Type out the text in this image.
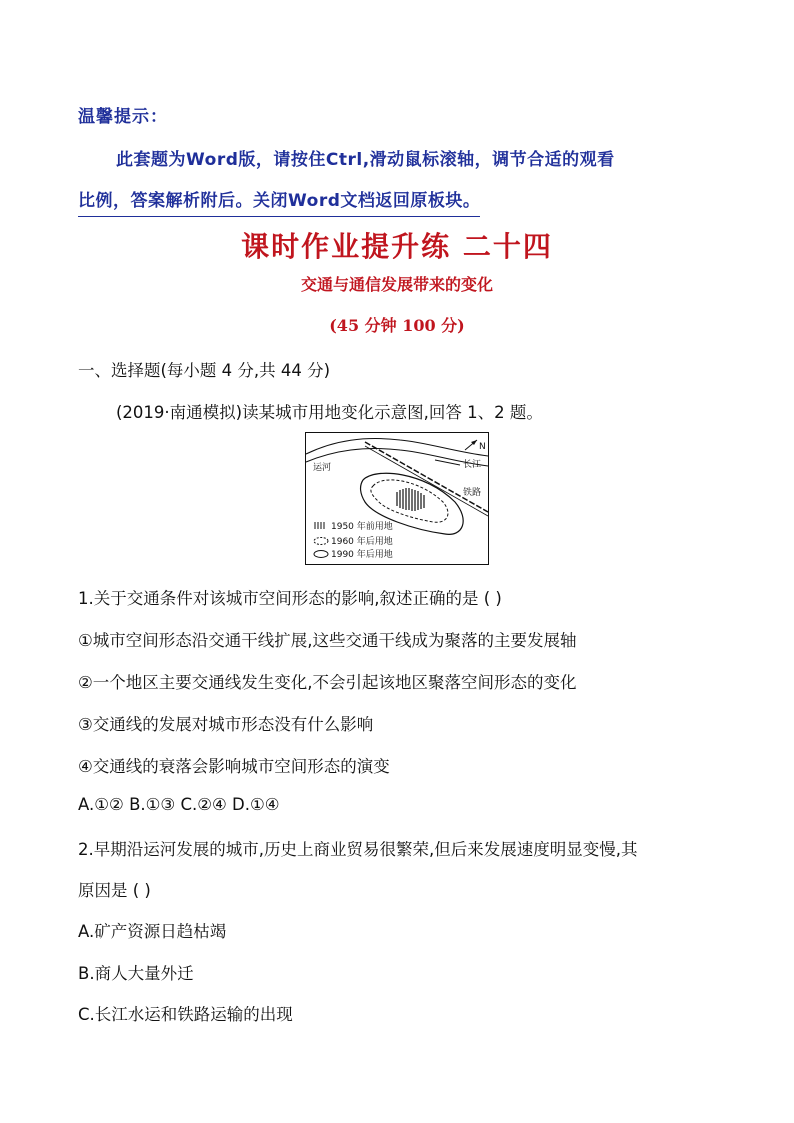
温馨提示：
此套题为Word版，请按住Ctrl,滑动鼠标滚轴，调节合适的观看
比例，答案解析附后。关闭Word文档返回原板块。
课时作业提升练 二十四
交通与通信发展带来的变化
(45 分钟 100 分)
一、选择题(每小题 4 分,共 44 分)
(2019·南通模拟)读某城市用地变化示意图,回答 1、2 题。
N
长江
运河
铁路
1950 年前用地
1960 年后用地
1990 年后用地
1.关于交通条件对该城市空间形态的影响,叙述正确的是 ( )
①城市空间形态沿交通干线扩展,这些交通干线成为聚落的主要发展轴
②一个地区主要交通线发生变化,不会引起该地区聚落空间形态的变化
③交通线的发展对城市形态没有什么影响
④交通线的衰落会影响城市空间形态的演变
A.①② B.①③ C.②④ D.①④
2.早期沿运河发展的城市,历史上商业贸易很繁荣,但后来发展速度明显变慢,其
原因是 ( )
A.矿产资源日趋枯竭
B.商人大量外迁
C.长江水运和铁路运输的出现
